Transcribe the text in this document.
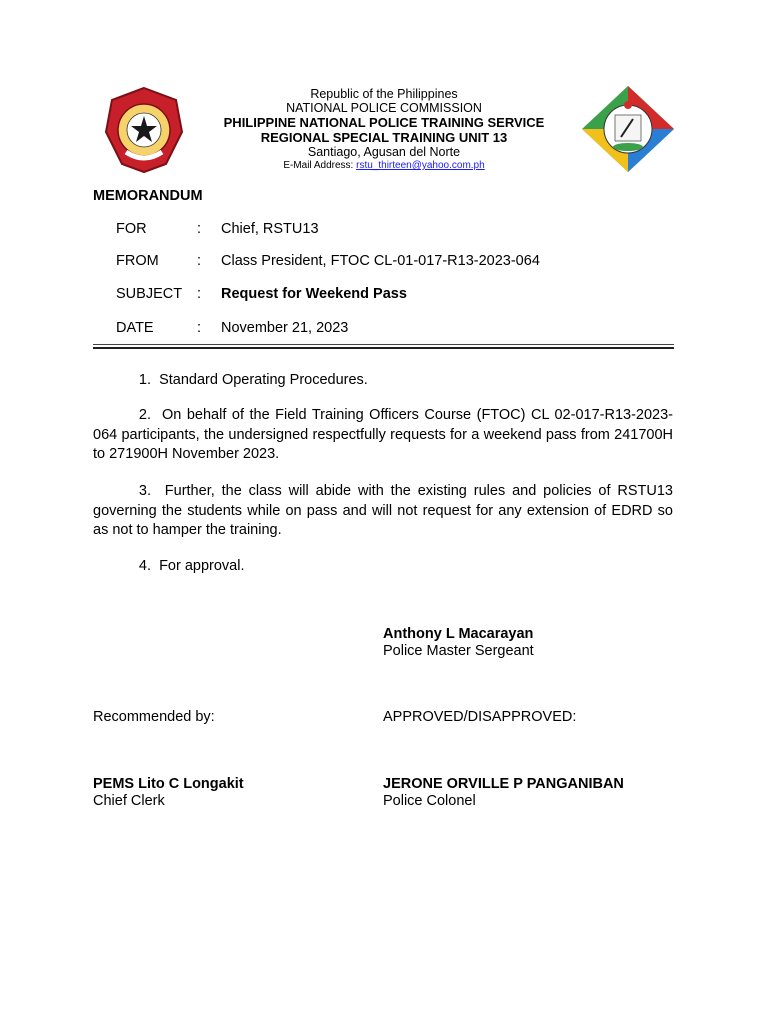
Republic of the Philippines
NATIONAL POLICE COMMISSION
PHILIPPINE NATIONAL POLICE TRAINING SERVICE
REGIONAL SPECIAL TRAINING UNIT 13
Santiago, Agusan del Norte
E-Mail Address: rstu_thirteen@yahoo.com.ph
MEMORANDUM
FOR	: Chief, RSTU13
FROM	: Class President, FTOC CL-01-017-R13-2023-064
SUBJECT : Request for Weekend Pass
DATE	: November 21, 2023
1. Standard Operating Procedures.
2. On behalf of the Field Training Officers Course (FTOC) CL 02-017-R13-2023-064 participants, the undersigned respectfully requests for a weekend pass from 241700H to 271900H November 2023.
3. Further, the class will abide with the existing rules and policies of RSTU13 governing the students while on pass and will not request for any extension of EDRD so as not to hamper the training.
4. For approval.
Anthony L Macarayan
Police Master Sergeant
Recommended by:	APPROVED/DISAPPROVED:
PEMS Lito C Longakit
Chief Clerk
JERONE ORVILLE P PANGANIBAN
Police Colonel
